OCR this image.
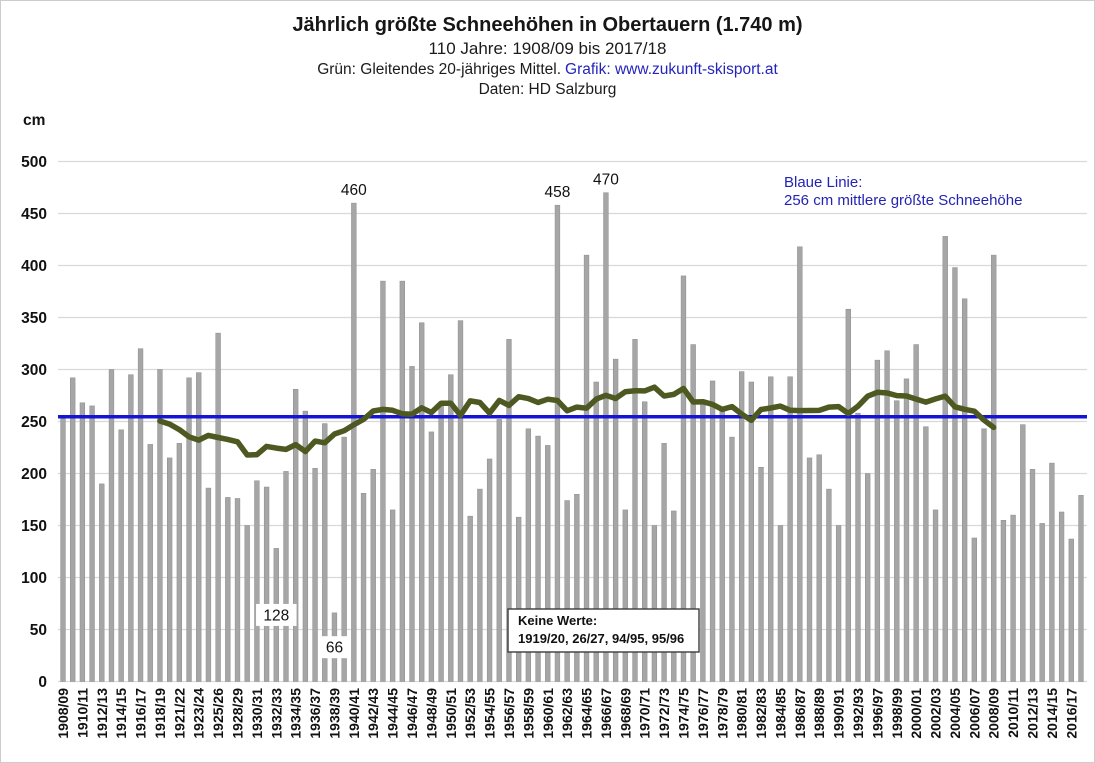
Jährlich größte Schneehöhen in Obertauern (1.740 m)
110 Jahre: 1908/09 bis 2017/18
Grün: Gleitendes 20-jähriges Mittel. Grafik: www.zukunft-skisport.at
Daten: HD Salzburg
0
50
100
150
200
250
300
350
400
450
500
cm
1908/09 1910/11 1912/13 1914/15 1916/17 1918/19 1921/22 1923/24 1925/26 1928/29 1930/31 1932/33 1934/35 1936/37 1938/39 1940/41 1942/43 1944/45 1946/47 1948/49 1950/51 1952/53 1954/55 1956/57 1958/59 1960/61 1962/63 1964/65 1966/67 1968/69 1970/71 1972/73 1974/75 1976/77 1978/79 1980/81 1982/83 1984/85 1986/87 1988/89 1990/91 1992/93 1996/97 1998/99 2000/01 2002/03 2004/05 2006/07 2008/09 2010/11 2012/13 2014/15 2016/17
Keine Werte:
1919/20, 26/27, 94/95, 95/96
460	458
470
128
66
Blaue Linie:
256 cm mittlere größte Schneehöhe
